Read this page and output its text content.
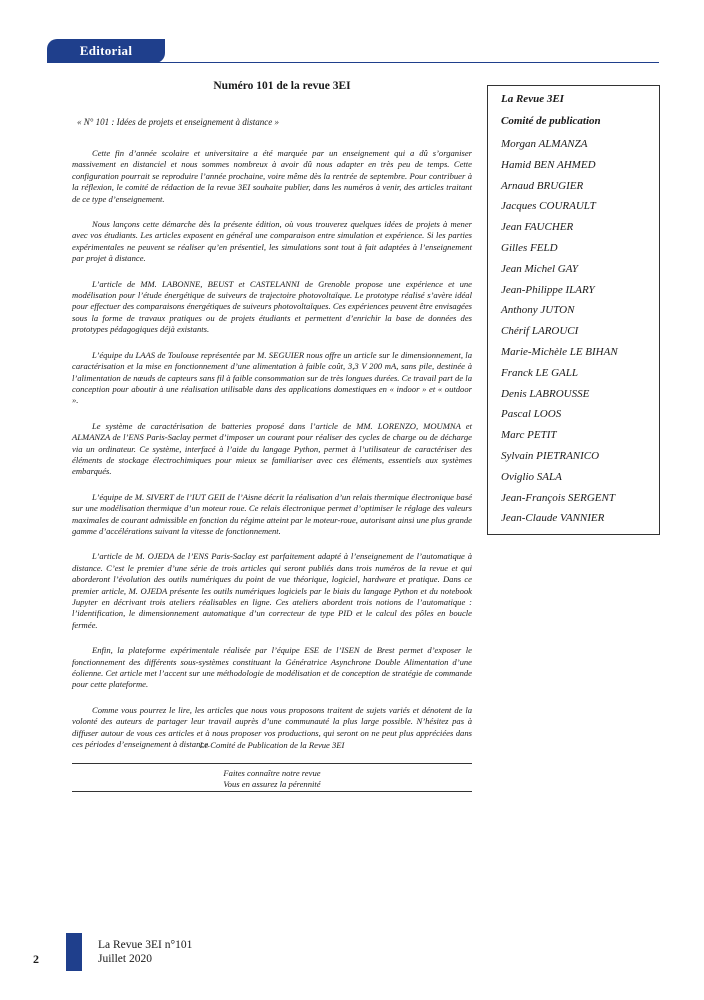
Editorial
Numéro 101 de la revue 3EI
« N° 101 : Idées de projets et enseignement à distance »

Cette fin d’année scolaire et universitaire a été marquée par un enseignement qui a dû s’organiser massivement en distanciel et nous sommes nombreux à avoir dû nous adapter en très peu de temps. Cette configuration pourrait se reproduire l’année prochaine, voire même dès la rentrée de septembre. Pour contribuer à la réflexion, le comité de rédaction de la revue 3EI souhaite publier, dans les numéros à venir, des articles traitant de ce type d’enseignement.

Nous lançons cette démarche dès la présente édition, où vous trouverez quelques idées de projets à mener avec vos étudiants. Les articles exposent en général une comparaison entre simulation et expérience. Si les parties expérimentales ne peuvent se réaliser qu’en présentiel, les simulations sont tout à fait adaptées à l’enseignement par projet à distance.

L’article de MM. LABONNE, BEUST et CASTELANNI de Grenoble propose une expérience et une modélisation pour l’étude énergétique de suiveurs de trajectoire photovoltaïque. Le prototype réalisé s’avère idéal pour effectuer des comparaisons énergétiques de suiveurs photovoltaïques. Ces expériences peuvent être envisagées sous la forme de travaux pratiques ou de projets étudiants et permettent d’enrichir la base de données des prototypes pédagogiques déjà existants.

L’équipe du LAAS de Toulouse représentée par M. SEGUIER nous offre un article sur le dimensionnement, la caractérisation et la mise en fonctionnement d’une alimentation à faible coût, 3,3 V 200 mA, sans pile, destinée à l’alimentation de nœuds de capteurs sans fil à faible consommation sur de très longues durées. Ce travail part de la conception pour aboutir à une réalisation utilisable dans des applications domestiques en « indoor » et « outdoor ».

Le système de caractérisation de batteries proposé dans l’article de MM. LORENZO, MOUMNA et ALMANZA de l’ENS Paris-Saclay permet d’imposer un courant pour réaliser des cycles de charge ou de décharge via un ordinateur. Ce système, interfacé à l’aide du langage Python, permet à l’utilisateur de caractériser des éléments de stockage électrochimiques pour mieux se familiariser avec ces éléments, essentiels aux systèmes embarqués.

L’équipe de M. SIVERT de l’IUT GEII de l’Aisne décrit la réalisation d’un relais thermique électronique basé sur une modélisation thermique d’un moteur roue. Ce relais électronique permet d’optimiser le réglage des valeurs maximales de courant admissible en fonction du régime atteint par le moteur-roue, autorisant ainsi une plus grande gamme d’accélérations suivant la vitesse de fonctionnement.

L’article de M. OJEDA de l’ENS Paris-Saclay est parfaitement adapté à l’enseignement de l’automatique à distance. C’est le premier d’une série de trois articles qui seront publiés dans trois numéros de la revue et qui aborderont l’évolution des outils numériques du point de vue théorique, logiciel, hardware et pratique. Dans ce premier article, M. OJEDA présente les outils numériques logiciels par le biais du langage Python et du notebook Jupyter en décrivant trois ateliers réalisables en ligne. Ces ateliers abordent trois notions de l’automatique : l’identification, le dimensionnement automatique d’un correcteur de type PID et le calcul des pôles en boucle fermée.

Enfin, la plateforme expérimentale réalisée par l’équipe ESE de l’ISEN de Brest permet d’exposer le fonctionnement des différents sous-systèmes constituant la Génératrice Asynchrone Double Alimentation d’une éolienne. Cet article met l’accent sur une méthodologie de modélisation et de conception de stratégie de commande pour cette plateforme.

Comme vous pourrez le lire, les articles que nous vous proposons traitent de sujets variés et dénotent de la volonté des auteurs de partager leur travail auprès d’une communauté la plus large possible. N’hésitez pas à diffuser autour de vous ces articles et à nous proposer vos productions, qui seront on ne peut plus appréciées dans ces périodes d’enseignement à distance.

Le Comité de Publication de la Revue 3EI
Faites connaître notre revue
Vous en assurez la pérennité
La Revue 3EI
Comité de publication
Morgan ALMANZA
Hamid BEN AHMED
Arnaud BRUGIER
Jacques COURAULT
Jean FAUCHER
Gilles FELD
Jean Michel GAY
Jean-Philippe ILARY
Anthony JUTON
Chérif LAROUCI
Marie-Michèle LE BIHAN
Franck LE GALL
Denis LABROUSSE
Pascal LOOS
Marc PETIT
Sylvain PIETRANICO
Oviglio SALA
Jean-François SERGENT
Jean-Claude VANNIER
2
La Revue 3EI n°101
Juillet 2020
